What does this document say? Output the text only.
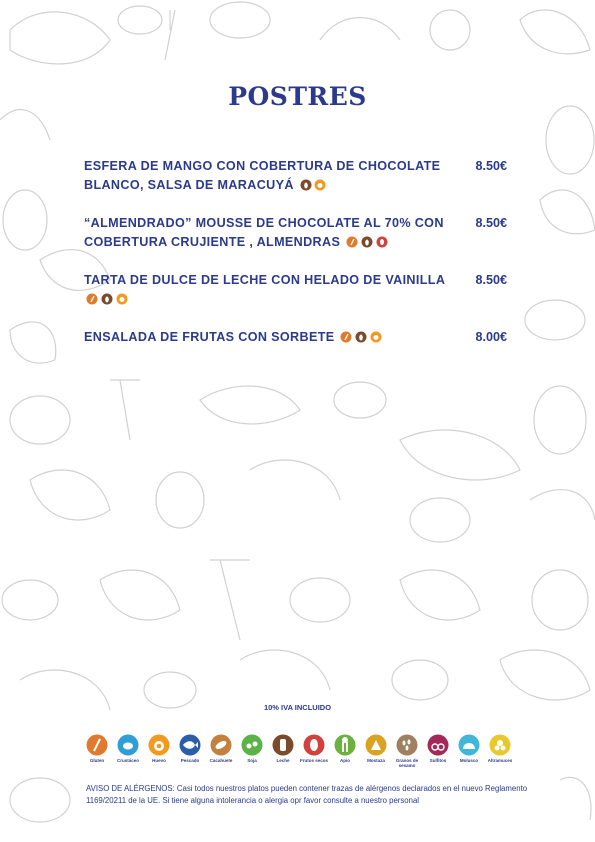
POSTRES
ESFERA DE MANGO CON COBERTURA DE CHOCOLATE BLANCO, SALSA DE MARACUYÁ
8.50€
“ALMENDRADO” MOUSSE DE CHOCOLATE AL 70% CON COBERTURA CRUJIENTE , ALMENDRAS
8.50€
TARTA DE DULCE DE LECHE CON HELADO DE VAINILLA	8.50€
ENSALADA DE FRUTAS CON SORBETE	8.00€
10% IVA INCLUIDO
Gluten	Crustáceo	Huevo	Pescado	Cacahuete	Soja	Leche	Frutos secos	Apio	Mostaza	Granos de sesamo
Sulfitos	Molusco	Altramuces
AVISO DE ALÉRGENOS: Casi todos nuestros platos pueden contener trazas de alérgenos declarados en el nuevo Reglamento 1169/20211 de la UE. Si tiene alguna intolerancia o alergia opr favor consulte a nuestro personal
